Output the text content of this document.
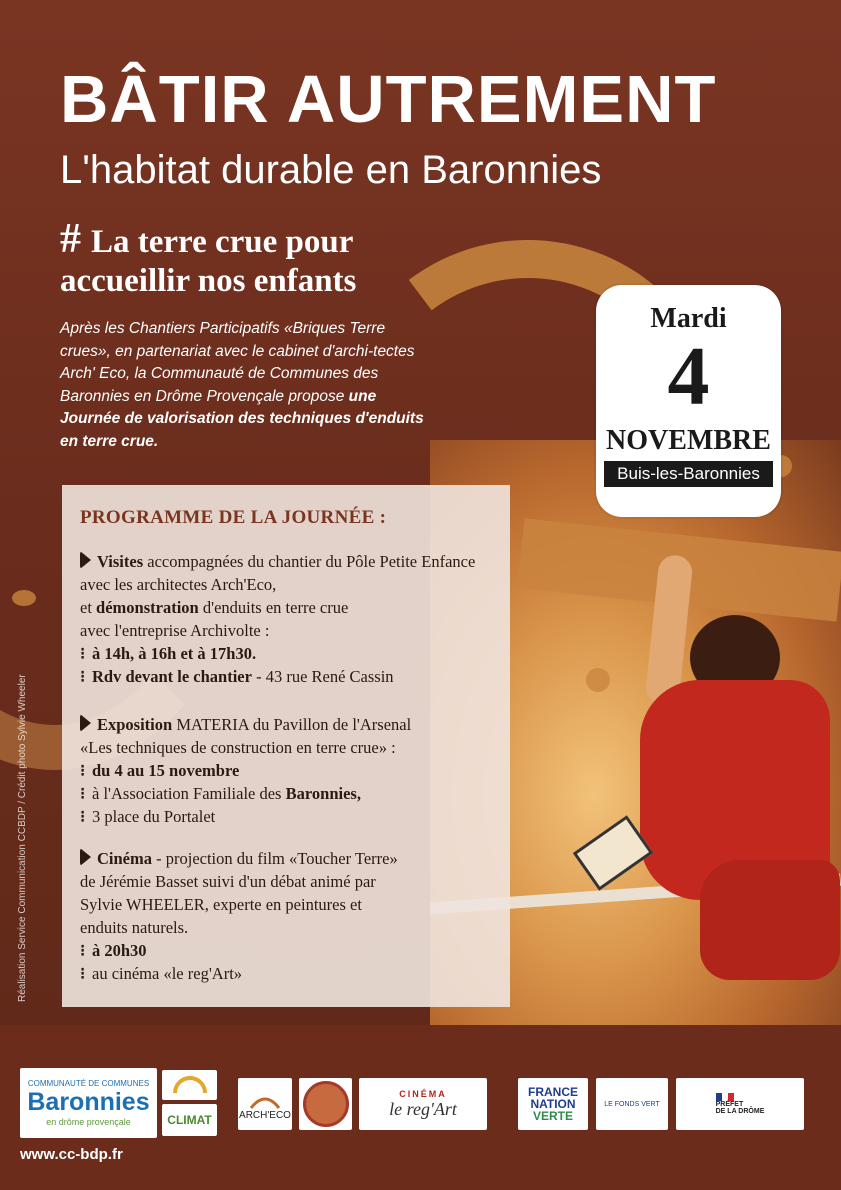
BÂTIR AUTREMENT
L'habitat durable en Baronnies
# La terre crue pour
accueillir nos enfants
Après les Chantiers Participatifs «Briques Terre crues», en partenariat avec le cabinet d'archi-tectes Arch' Eco, la Communauté de Communes des Baronnies en Drôme Provençale propose une Journée de valorisation des techniques d'enduits en terre crue.
Mardi
4
NOVEMBRE
Buis-les-Baronnies
PROGRAMME DE LA JOURNÉE :

Visites accompagnées du chantier du Pôle Petite Enfance avec les architectes Arch'Eco,

et démonstration d'enduits en terre crue

avec l'entreprise Archivolte :

⁝ à 14h, à 16h et à 17h30.

⁝ Rdv devant le chantier - 43 rue René Cassin

Exposition MATERIA du Pavillon de l'Arsenal

«Les techniques de construction en terre crue» :

⁝ du 4 au 15 novembre

⁝ à l'Association Familiale des Baronnies,

⁝ 3 place du Portalet

Cinéma - projection du film «Toucher Terre»

de Jérémie Basset suivi d'un débat animé par

Sylvie WHEELER, experte en peintures et

enduits naturels.

⁝ à 20h30

⁝ au cinéma «le reg'Art»

Réalisation Service Communication CCBDP / Crédit photo Sylvie Wheeler
COMMUNAUTÉ DE COMMUNES
Baronnies
en drôme provençale	CLIMAT	ARCH'ECO
CINÉMA
le reg'Art
FRANCE
NATION
VERTE
LE FONDS VERT	PRÉFET
DE LA DRÔME
www.cc-bdp.fr
